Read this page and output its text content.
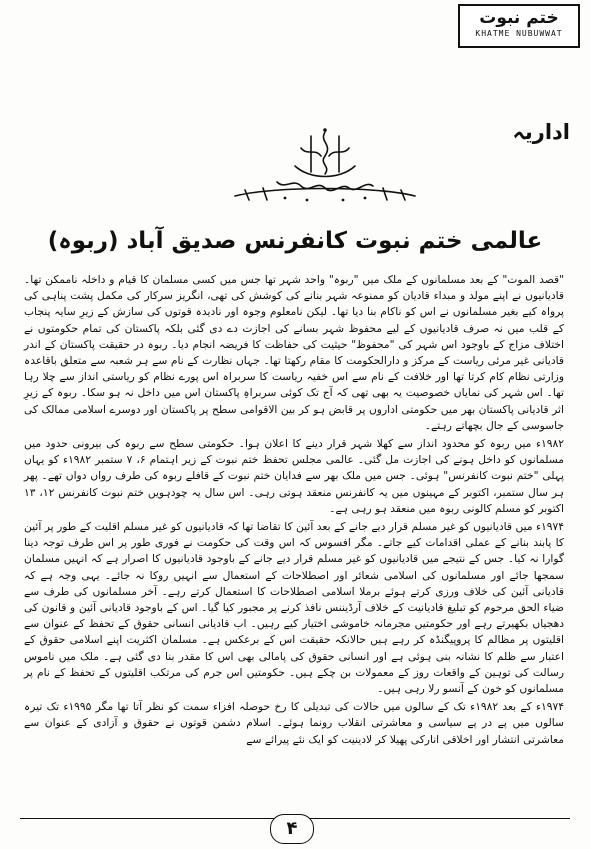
ختم نبوت
KHATME NUBUWWAT
اداریہ
عالمی ختم نبوت کانفرنس صدیق آباد (ربوہ)

"قصد الموت" کے بعد مسلمانوں کے ملک میں "ربوہ" واحد شہر تھا جس میں کسی مسلمان کا قیام و داخلہ ناممکن تھا۔ قادیانیوں نے اپنے مولد و مبداء قادیان کو ممنوعہ شہر بنانے کی کوشش کی تھی، انگریز سرکار کی مکمل پشت پناہی کی پرواہ کیے بغیر مسلمانوں نے اس کو ناکام بنا دیا تھا۔ لیکن نامعلوم وجوہ اور نادیدہ قوتوں کی سازش کے زیرِ سایہ پنجاب کے قلب میں نہ صرف قادیانیوں کے لیے محفوظ شہر بسانے کی اجازت دے دی گئی بلکہ پاکستان کی تمام حکومتوں نے اختلاف مزاج کے باوجود اس شہر کی "محفوظ" حیثیت کی حفاظت کا فریضہ انجام دیا۔ ربوہ در حقیقت پاکستان کے اندر قادیانی غیر مرئی ریاست کے مرکز و دارالحکومت کا مقام رکھتا تھا۔ جہاں نظارت کے نام سے ہر شعبہ سے متعلق باقاعدہ وزارتی نظام کام کرتا تھا اور خلافت کے نام سے اس خفیہ ریاست کا سربراہ اس پورے نظام کو ریاستی انداز سے چلا رہا تھا۔ اس شہر کی نمایاں خصوصیت یہ بھی تھی کہ آج تک کوئی سربراہِ پاکستان اس میں داخل نہ ہو سکا۔ ربوہ کے زیرِ اثر قادیانی پاکستان بھر میں حکومتی اداروں پر قابض ہو کر بین الاقوامی سطح پر پاکستان اور دوسرے اسلامی ممالک کی جاسوسی کے جال بچھاتے رہتے۔

۱۹۸۲ء میں ربوہ کو محدود انداز سے کھلا شہر قرار دینے کا اعلان ہوا۔ حکومتی سطح سے ربوہ کی بیرونی حدود میں مسلمانوں کو داخل ہونے کی اجازت مل گئی۔ عالمی مجلس تحفظ ختم نبوت کے زیر اہتمام ۶، ۷ ستمبر ۱۹۸۲ء کو یہاں پہلی "ختم نبوت کانفرنس" ہوئی۔ جس میں ملک بھر سے فدایان ختم نبوت کے قافلے ربوہ کی طرف رواں دواں تھے۔ پھر ہر سال ستمبر، اکتوبر کے مہینوں میں یہ کانفرنس منعقد ہوتی رہی۔ اس سال یہ چودہویں ختم نبوت کانفرنس ۱۲، ۱۳ اکتوبر کو مسلم کالونی ربوہ میں منعقد ہو رہی ہے۔

۱۹۷۴ء میں قادیانیوں کو غیر مسلم قرار دیے جانے کے بعد آئین کا تقاضا تھا کہ قادیانیوں کو غیر مسلم اقلیت کے طور پر آئین کا پابند بنانے کے عملی اقدامات کیے جاتے۔ مگر افسوس کہ اس وقت کی حکومت نے فوری طور پر اس طرف توجہ دینا گوارا نہ کیا۔ جس کے نتیجے میں قادیانیوں کو غیر مسلم قرار دیے جانے کے باوجود قادیانیوں کا اصرار ہے کہ انہیں مسلمان سمجھا جائے اور مسلمانوں کی اسلامی شعائر اور اصطلاحات کے استعمال سے انہیں روکا نہ جائے۔ یہی وجہ ہے کہ قادیانی آئین کی خلاف ورزی کرتے ہوئے برملا اسلامی اصطلاحات کا استعمال کرتے رہے۔ آخر مسلمانوں کی طرف سے ضیاء الحق مرحوم کو تبلیغ قادیانیت کے خلاف آرڈیننس نافذ کرنے پر مجبور کیا گیا۔ اس کے باوجود قادیانی آئین و قانون کی دھجیاں بکھیرتے رہے اور حکومتیں مجرمانہ خاموشی اختیار کیے رہیں۔ اب قادیانی انسانی حقوق کے تحفظ کے عنوان سے اقلیتوں پر مظالم کا پروپیگنڈہ کر رہے ہیں حالانکہ حقیقت اس کے برعکس ہے۔ مسلمان اکثریت اپنے اسلامی حقوق کے اعتبار سے ظلم کا نشانہ بنی ہوئی ہے اور انسانی حقوق کی پامالی بھی اس کا مقدر بنا دی گئی ہے۔ ملک میں ناموس رسالت کی توہین کے واقعات روز کے معمولات بن چکے ہیں۔ حکومتیں اس جرم کی مرتکب اقلیتوں کے تحفظ کے نام پر مسلمانوں کو خون کے آنسو رلا رہی ہیں۔

۱۹۷۴ء کے بعد ۱۹۸۲ء تک کے سالوں میں حالات کی تبدیلی کا رخ حوصلہ افزاء سمت کو نظر آتا تھا مگر ۱۹۹۵ء تک تیرہ سالوں میں پے در پے سیاسی و معاشرتی انقلاب رونما ہوئے۔ اسلام دشمن قوتوں نے حقوق و آزادی کے عنوان سے معاشرتی انتشار اور اخلاقی انارکی پھیلا کر لادینیت کو ایک نئے پیرائے سے

۴
